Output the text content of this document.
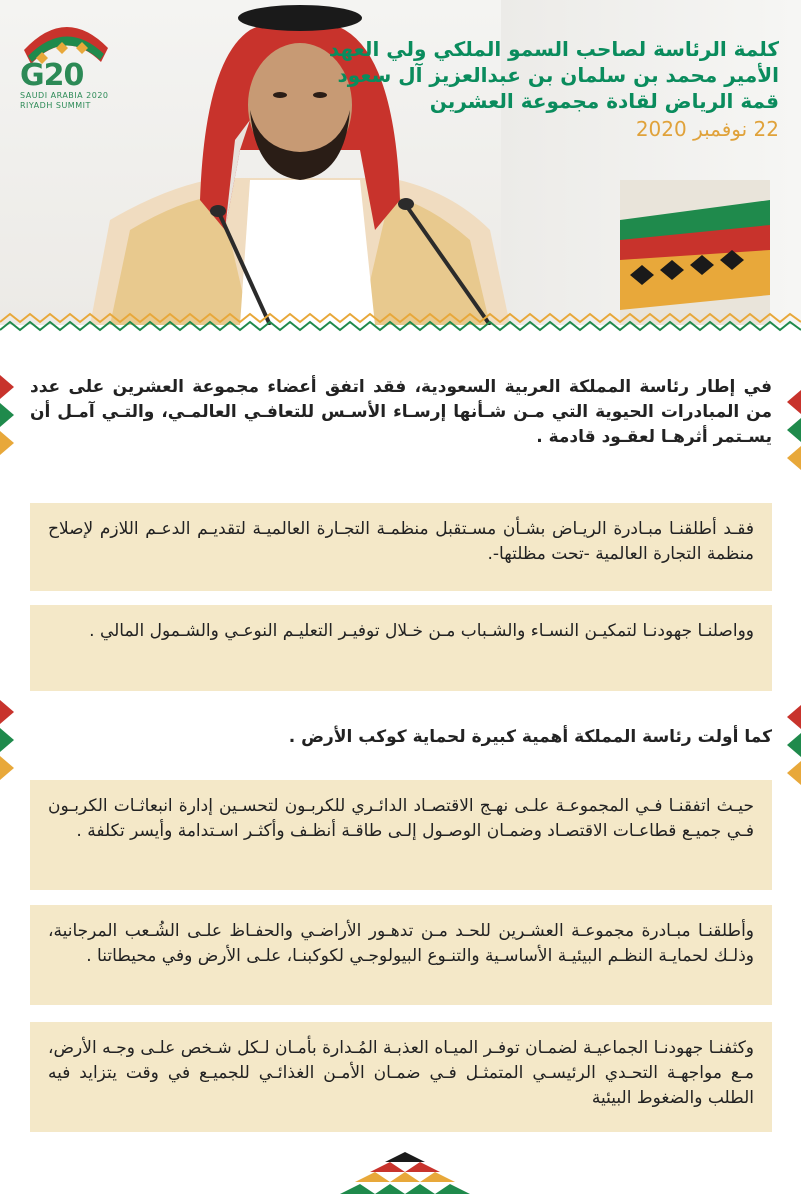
G20
SAUDI ARABIA 2020
RIYADH SUMMIT
كلمة الرئاسة لصاحب السمو الملكي ولي العهد
الأمير محمد بن سلمان بن عبدالعزيز آل سعود
قمة الرياض لقادة مجموعة العشرين
22 نوفمبر 2020
في إطار رئاسة المملكة العربية السعودية، فقد اتفق أعضاء مجموعة العشرين على عدد من المبادرات الحيوية التي مـن شـأنها إرسـاء الأسـس للتعافـي العالمـي، والتـي آمـل أن يسـتمر أثرهـا لعقـود قادمة .
فقـد أطلقنـا مبـادرة الريـاض بشـأن مسـتقبل منظمـة التجـارة العالميـة لتقديـم الدعـم اللازم لإصلاح منظمة التجارة العالمية -تحت مظلتها-.
وواصلنـا جهودنـا لتمكيـن النسـاء والشـباب مـن خـلال توفيـر التعليـم النوعـي والشـمول المالي .
كما أولت رئاسة المملكة أهمية كبيرة لحماية كوكب الأرض .
حيـث اتفقنـا فـي المجموعـة علـى نهـج الاقتصـاد الدائـري للكربـون لتحسـين إدارة انبعاثـات الكربـون فـي جميـع قطاعـات الاقتصـاد وضمـان الوصـول إلـى طاقـة أنظـف وأكثـر اسـتدامة وأيسر تكلفة .
وأطلقنـا مبـادرة مجموعـة العشـرين للحـد مـن تدهـور الأراضـي والحفـاظ علـى الشُـعب المرجانية، وذلـك لحمايـة النظـم البيئيـة الأساسـية والتنـوع البيولوجـي لكوكبنـا، علـى الأرض وفي محيطاتنا .
وكثفنـا جهودنـا الجماعيـة لضمـان توفـر الميـاه العذبـة المُـدارة بأمـان لـكل شـخص علـى وجـه الأرض، مـع مواجهـة التحـدي الرئيسـي المتمثـل فـي ضمـان الأمـن الغذائـي للجميـع في وقت يتزايد فيه الطلب والضغوط البيئية
